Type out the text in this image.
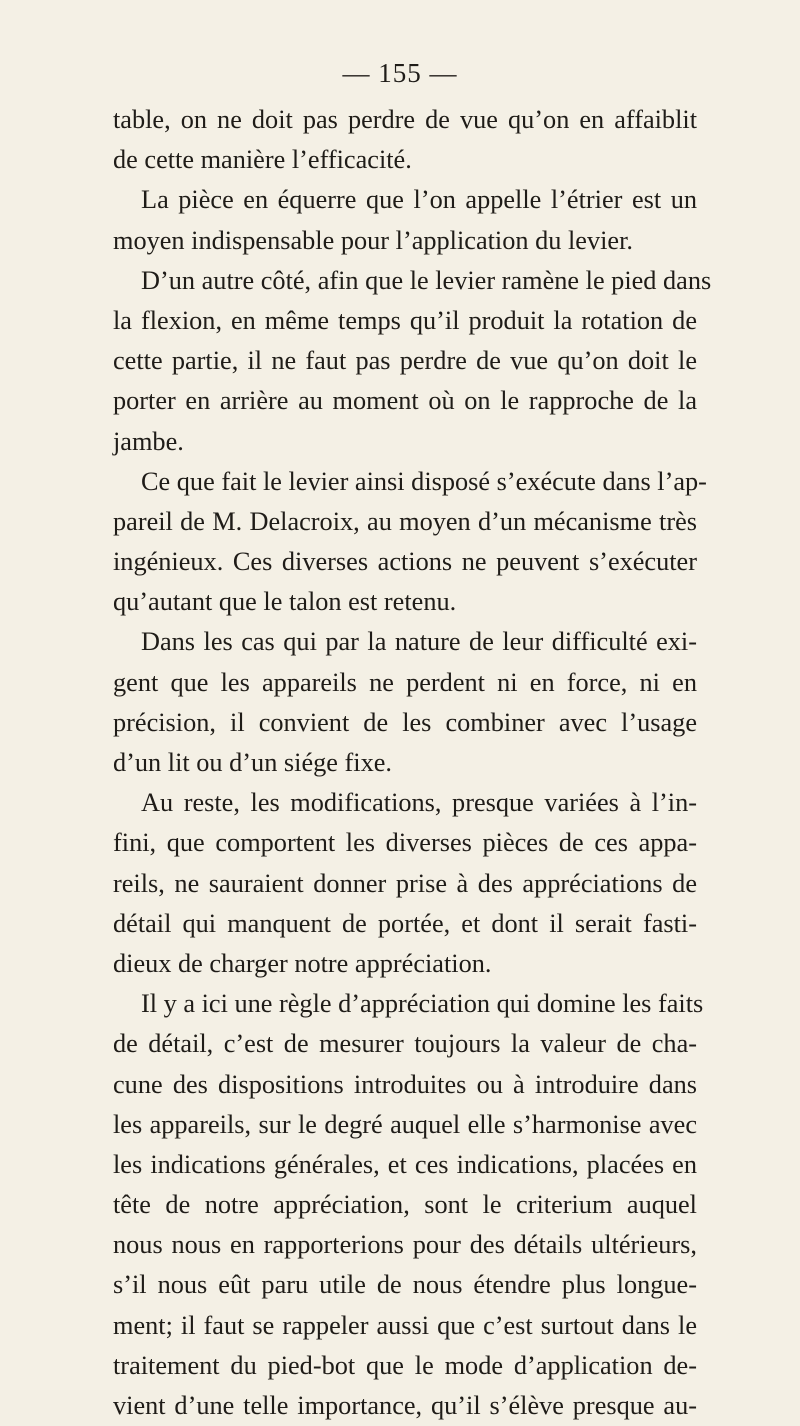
— 155 —
table, on ne doit pas perdre de vue qu’on en affaiblit
de cette manière l’efficacité.
La pièce en équerre que l’on appelle l’étrier est un
moyen indispensable pour l’application du levier.
D’un autre côté, afin que le levier ramène le pied dans
la flexion, en même temps qu’il produit la rotation de
cette partie, il ne faut pas perdre de vue qu’on doit le
porter en arrière au moment où on le rapproche de la
jambe.
Ce que fait le levier ainsi disposé s’exécute dans l’ap-
pareil de M. Delacroix, au moyen d’un mécanisme très
ingénieux. Ces diverses actions ne peuvent s’exécuter
qu’autant que le talon est retenu.
Dans les cas qui par la nature de leur difficulté exi-
gent que les appareils ne perdent ni en force, ni en
précision, il convient de les combiner avec l’usage
d’un lit ou d’un siége fixe.
Au reste, les modifications, presque variées à l’in-
fini, que comportent les diverses pièces de ces appa-
reils, ne sauraient donner prise à des appréciations de
détail qui manquent de portée, et dont il serait fasti-
dieux de charger notre appréciation.
Il y a ici une règle d’appréciation qui domine les faits
de détail, c’est de mesurer toujours la valeur de cha-
cune des dispositions introduites ou à introduire dans
les appareils, sur le degré auquel elle s’harmonise avec
les indications générales, et ces indications, placées en
tête de notre appréciation, sont le criterium auquel
nous nous en rapporterions pour des détails ultérieurs,
s’il nous eût paru utile de nous étendre plus longue-
ment; il faut se rappeler aussi que c’est surtout dans le
traitement du pied-bot que le mode d’application de-
vient d’une telle importance, qu’il s’élève presque au-
